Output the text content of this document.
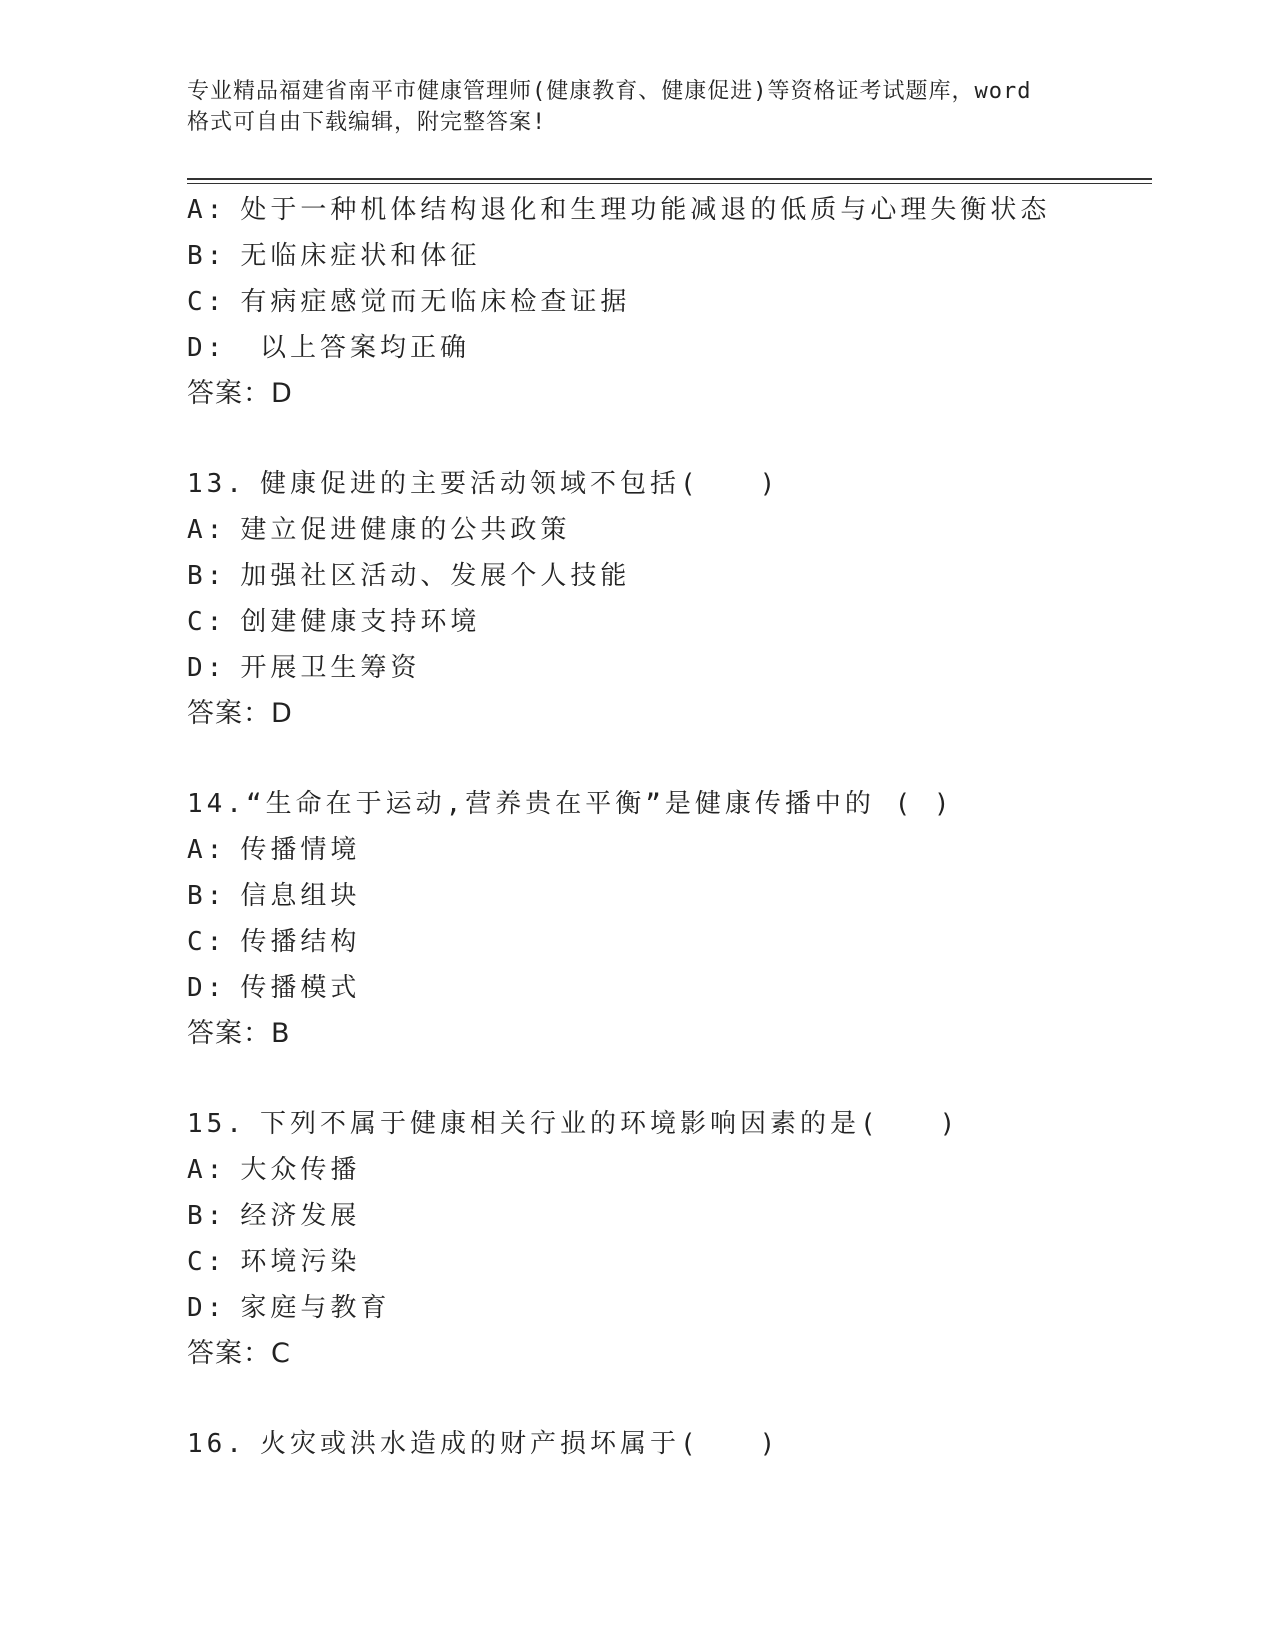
专业精品福建省南平市健康管理师(健康教育、健康促进)等资格证考试题库，word
格式可自由下载编辑，附完整答案!
A: 处于一种机体结构退化和生理功能减退的低质与心理失衡状态
B: 无临床症状和体征
C: 有病症感觉而无临床检查证据
D: 以上答案均正确
答案：D
13. 健康促进的主要活动领域不包括(　　)
A: 建立促进健康的公共政策
B: 加强社区活动、发展个人技能
C: 创建健康支持环境
D: 开展卫生筹资
答案：D
14.“生命在于运动,营养贵在平衡”是健康传播中的 ( )
A: 传播情境
B: 信息组块
C: 传播结构
D: 传播模式
答案：B
15. 下列不属于健康相关行业的环境影响因素的是(　　)
A: 大众传播
B: 经济发展
C: 环境污染
D: 家庭与教育
答案：C
16. 火灾或洪水造成的财产损坏属于(　　)
